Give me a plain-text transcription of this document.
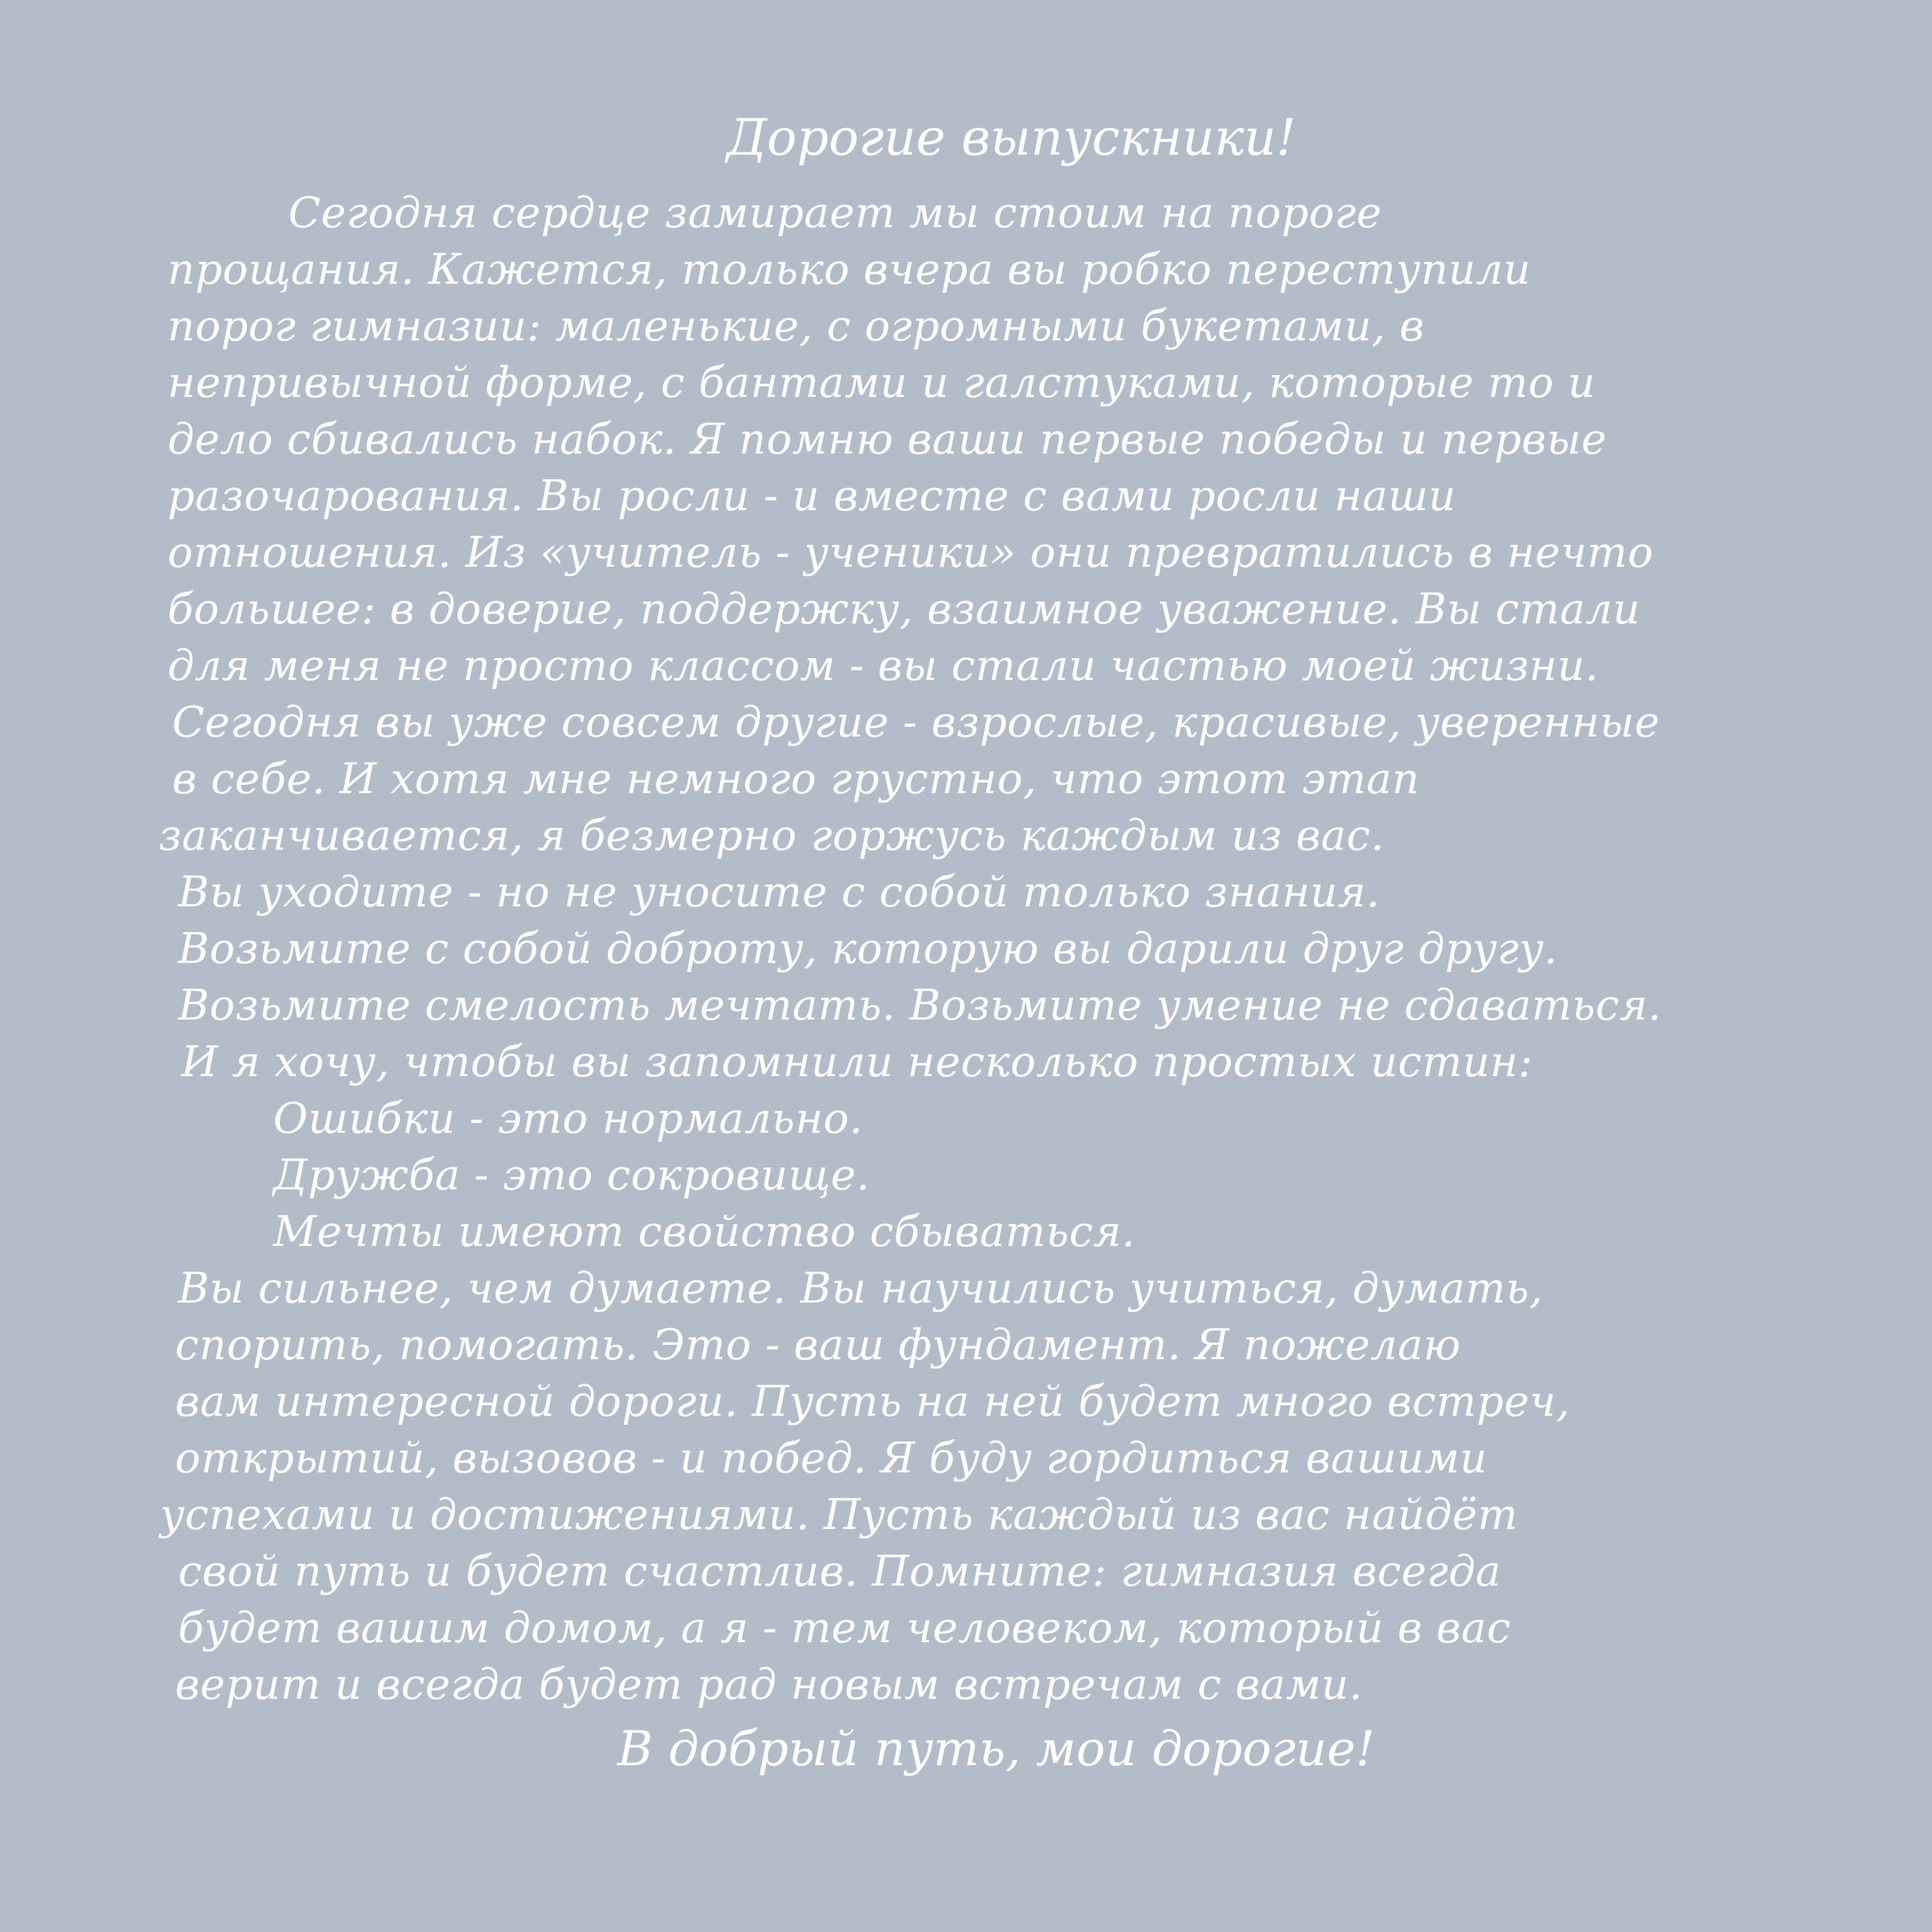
Дорогие выпускники!
Сегодня сердце замирает мы стоим на пороге
прощания. Кажется, только вчера вы робко переступили
порог гимназии: маленькие, с огромными букетами, в
непривычной форме, с бантами и галстуками, которые то и
дело сбивались набок. Я помню ваши первые победы и первые
разочарования. Вы росли - и вместе с вами росли наши
отношения. Из «учитель - ученики» они превратились в нечто
большее: в доверие, поддержку, взаимное уважение. Вы стали
для меня не просто классом - вы стали частью моей жизни.
Сегодня вы уже совсем другие - взрослые, красивые, уверенные
в себе. И хотя мне немного грустно, что этот этап
заканчивается, я безмерно горжусь каждым из вас.
Вы уходите - но не уносите с собой только знания.
Возьмите с собой доброту, которую вы дарили друг другу.
Возьмите смелость мечтать. Возьмите умение не сдаваться.
И я хочу, чтобы вы запомнили несколько простых истин:
Ошибки - это нормально.
Дружба - это сокровище.
Мечты имеют свойство сбываться.
Вы сильнее, чем думаете. Вы научились учиться, думать,
спорить, помогать. Это - ваш фундамент. Я пожелаю
вам интересной дороги. Пусть на ней будет много встреч,
открытий, вызовов - и побед. Я буду гордиться вашими
успехами и достижениями. Пусть каждый из вас найдёт
свой путь и будет счастлив. Помните: гимназия всегда
будет вашим домом, а я - тем человеком, который в вас
верит и всегда будет рад новым встречам с вами.
В добрый путь, мои дорогие!
